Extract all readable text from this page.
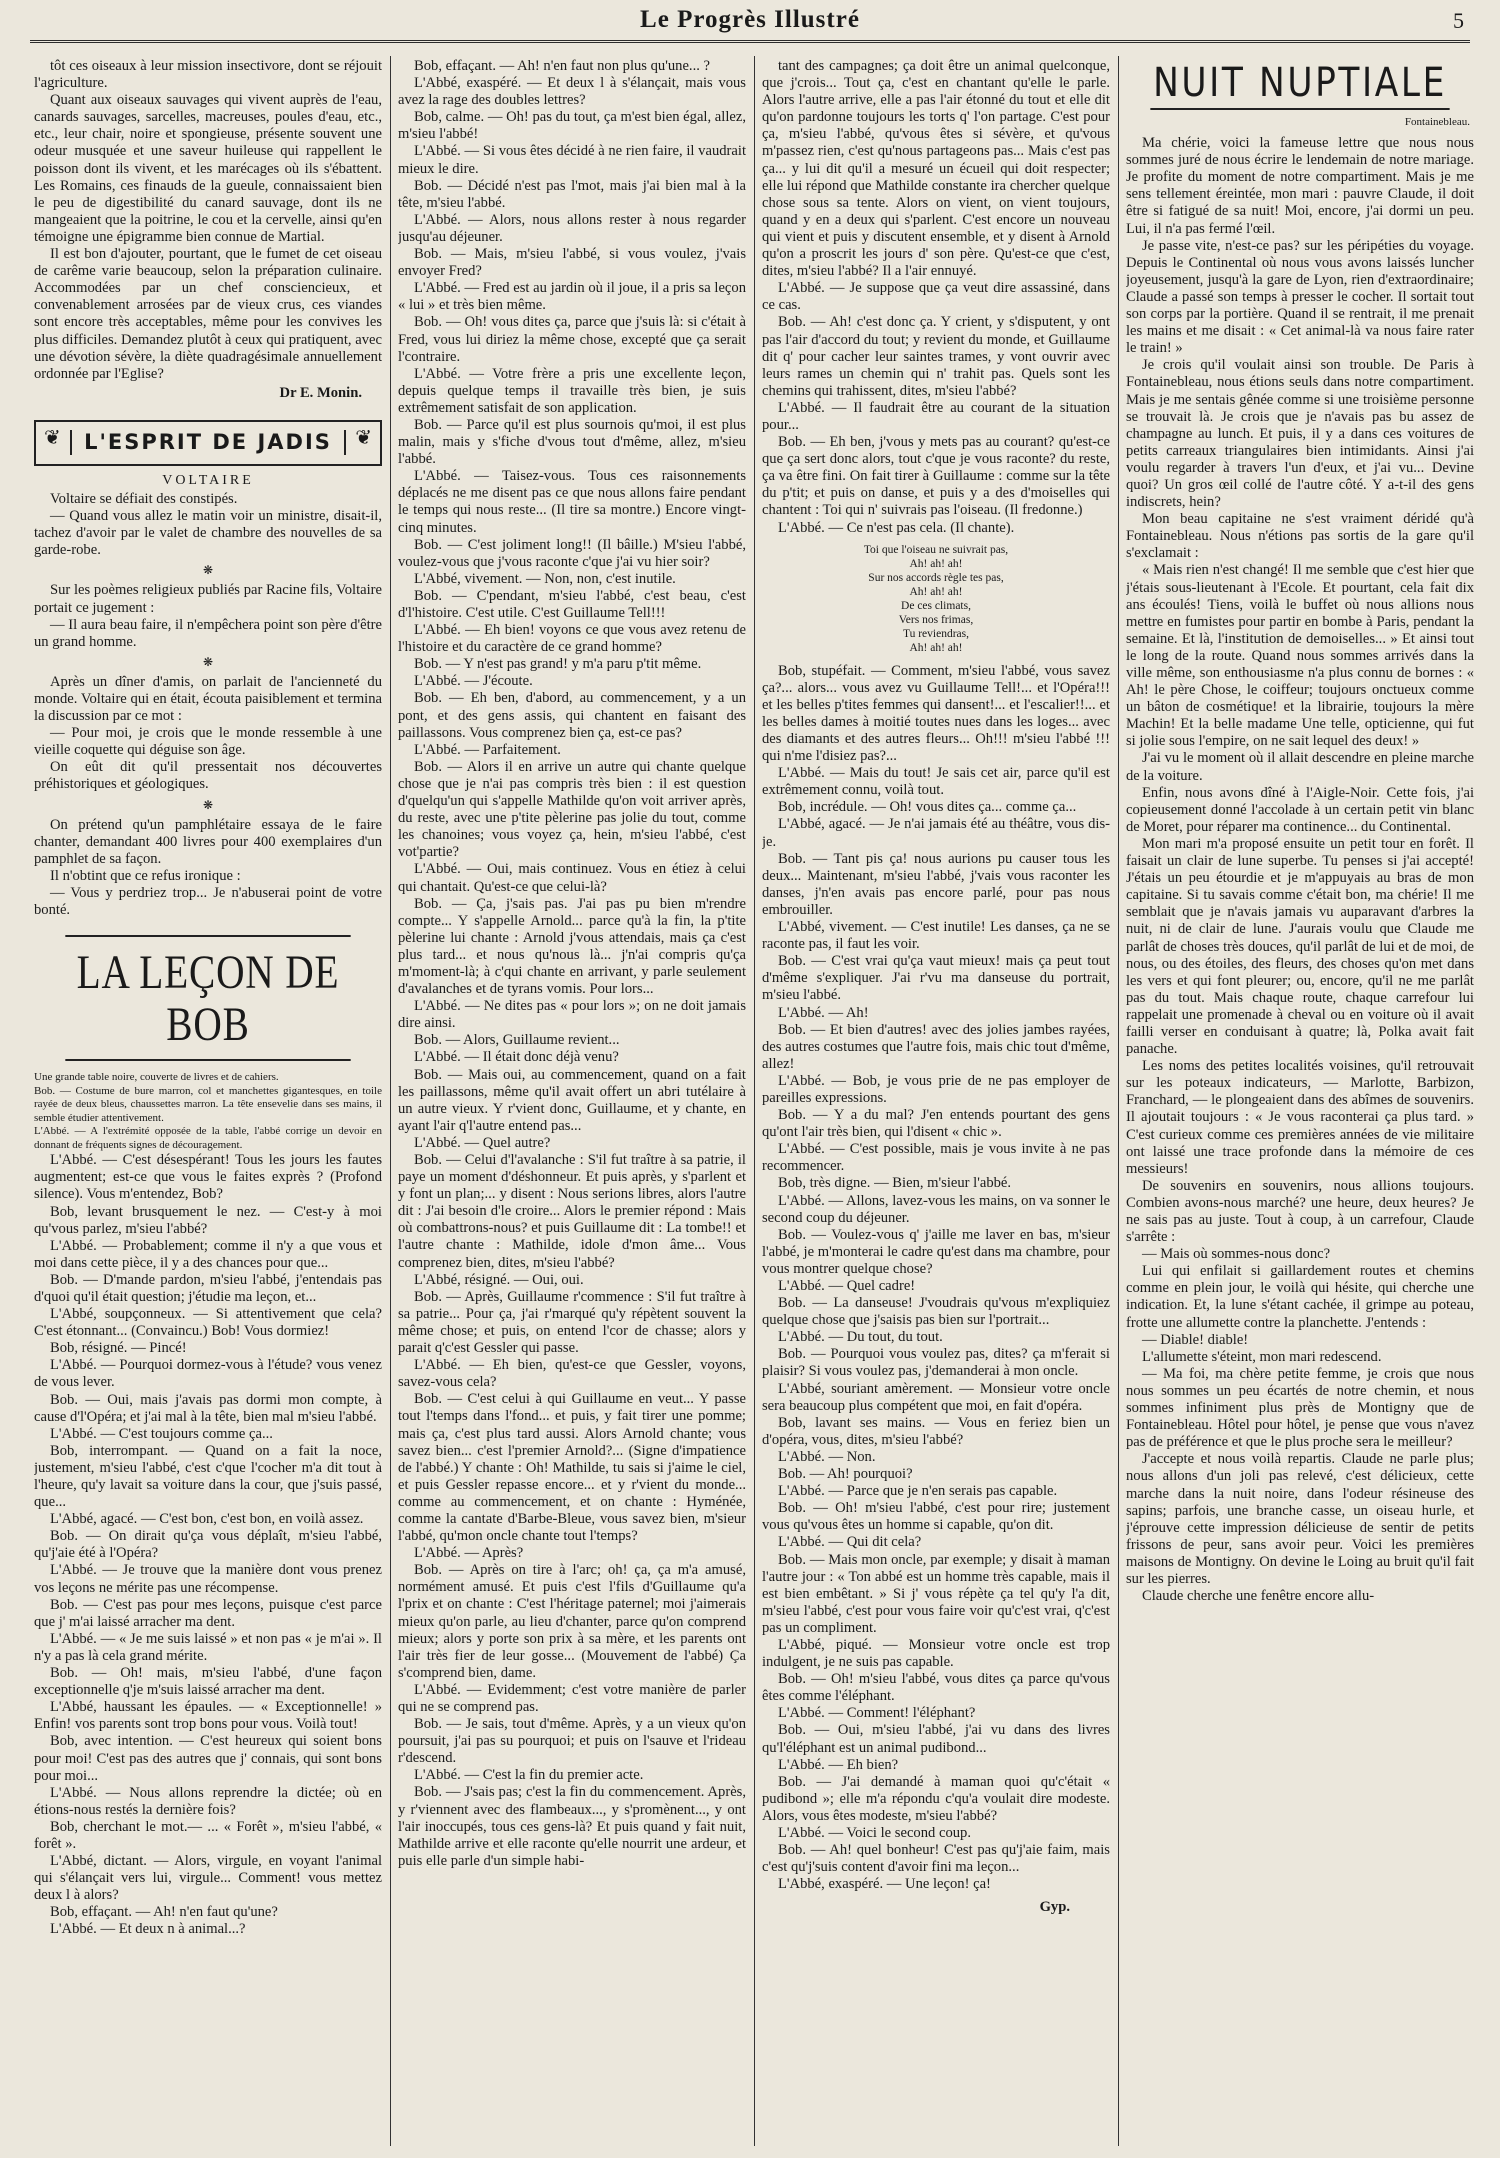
Le Progrès Illustré	5

tôt ces oiseaux à leur mission insectivore, dont se réjouit l'agriculture.

Quant aux oiseaux sauvages qui vivent auprès de l'eau, canards sauvages, sarcelles, macreuses, poules d'eau, etc., etc., leur chair, noire et spongieuse, présente souvent une odeur musquée et une saveur huileuse qui rappellent le poisson dont ils vivent, et les marécages où ils s'ébattent. Les Romains, ces finauds de la gueule, connaissaient bien le peu de digestibilité du canard sauvage, dont ils ne mangeaient que la poitrine, le cou et la cervelle, ainsi qu'en témoigne une épigramme bien connue de Martial.

Il est bon d'ajouter, pourtant, que le fumet de cet oiseau de carême varie beaucoup, selon la préparation culinaire. Accommodées par un chef consciencieux, et convenablement arrosées par de vieux crus, ces viandes sont encore très acceptables, même pour les convives les plus difficiles. Demandez plutôt à ceux qui pratiquent, avec une dévotion sévère, la diète quadragésimale annuellement ordonnée par l'Eglise?

Dr E. Monin.
❦	L'ESPRIT DE JADIS	❦
VOLTAIRE

Voltaire se défiait des constipés.

— Quand vous allez le matin voir un ministre, disait-il, tachez d'avoir par le valet de chambre des nouvelles de sa garde-robe.

❋

Sur les poèmes religieux publiés par Racine fils, Voltaire portait ce jugement :

— Il aura beau faire, il n'empêchera point son père d'être un grand homme.

❋

Après un dîner d'amis, on parlait de l'ancienneté du monde. Voltaire qui en était, écouta paisiblement et termina la discussion par ce mot :

— Pour moi, je crois que le monde ressemble à une vieille coquette qui déguise son âge.

On eût dit qu'il pressentait nos découvertes préhistoriques et géologiques.

❋

On prétend qu'un pamphlétaire essaya de le faire chanter, demandant 400 livres pour 400 exemplaires d'un pamphlet de sa façon.

Il n'obtint que ce refus ironique :

— Vous y perdriez trop... Je n'abuserai point de votre bonté.

LA LEÇON DE BOB

Une grande table noire, couverte de livres et de cahiers.

Bob. — Costume de bure marron, col et manchettes gigantesques, en toile rayée de deux bleus, chaussettes marron. La tête ensevelie dans ses mains, il semble étudier attentivement.

L'Abbé. — A l'extrémité opposée de la table, l'abbé corrige un devoir en donnant de fréquents signes de découragement.

L'Abbé. — C'est désespérant! Tous les jours les fautes augmentent; est-ce que vous le faites exprès ? (Profond silence). Vous m'entendez, Bob?

Bob, levant brusquement le nez. — C'est-y à moi qu'vous parlez, m'sieu l'abbé?

L'Abbé. — Probablement; comme il n'y a que vous et moi dans cette pièce, il y a des chances pour que...

Bob. — D'mande pardon, m'sieu l'abbé, j'entendais pas d'quoi qu'il était question; j'étudie ma leçon, et...

L'Abbé, soupçonneux. — Si attentivement que cela? C'est étonnant... (Convaincu.) Bob! Vous dormiez!

Bob, résigné. — Pincé!

L'Abbé. — Pourquoi dormez-vous à l'étude? vous venez de vous lever.

Bob. — Oui, mais j'avais pas dormi mon compte, à cause d'l'Opéra; et j'ai mal à la tête, bien mal m'sieu l'abbé.

L'Abbé. — C'est toujours comme ça...

Bob, interrompant. — Quand on a fait la noce, justement, m'sieu l'abbé, c'est c'que l'cocher m'a dit tout à l'heure, qu'y lavait sa voiture dans la cour, que j'suis passé, que...

L'Abbé, agacé. — C'est bon, c'est bon, en voilà assez.

Bob. — On dirait qu'ça vous déplaît, m'sieu l'abbé, qu'j'aie été à l'Opéra?

L'Abbé. — Je trouve que la manière dont vous prenez vos leçons ne mérite pas une récompense.

Bob. — C'est pas pour mes leçons, puisque c'est parce que j' m'ai laissé arracher ma dent.

L'Abbé. — « Je me suis laissé » et non pas « je m'ai ». Il n'y a pas là cela grand mérite.

Bob. — Oh! mais, m'sieu l'abbé, d'une façon exceptionnelle q'je m'suis laissé arracher ma dent.

L'Abbé, haussant les épaules. — « Exceptionnelle! » Enfin! vos parents sont trop bons pour vous. Voilà tout!

Bob, avec intention. — C'est heureux qui soient bons pour moi! C'est pas des autres que j' connais, qui sont bons pour moi...

L'Abbé. — Nous allons reprendre la dictée; où en étions-nous restés la dernière fois?

Bob, cherchant le mot.— ... « Forêt », m'sieu l'abbé, « forêt ».

L'Abbé, dictant. — Alors, virgule, en voyant l'animal qui s'élançait vers lui, virgule... Comment! vous mettez deux l à alors?

Bob, effaçant. — Ah! n'en faut qu'une?

L'Abbé. — Et deux n à animal...?

Bob, effaçant. — Ah! n'en faut non plus qu'une... ?

L'Abbé, exaspéré. — Et deux l à s'élançait, mais vous avez la rage des doubles lettres?

Bob, calme. — Oh! pas du tout, ça m'est bien égal, allez, m'sieu l'abbé!

L'Abbé. — Si vous êtes décidé à ne rien faire, il vaudrait mieux le dire.

Bob. — Décidé n'est pas l'mot, mais j'ai bien mal à la tête, m'sieu l'abbé.

L'Abbé. — Alors, nous allons rester à nous regarder jusqu'au déjeuner.

Bob. — Mais, m'sieu l'abbé, si vous voulez, j'vais envoyer Fred?

L'Abbé. — Fred est au jardin où il joue, il a pris sa leçon « lui » et très bien même.

Bob. — Oh! vous dites ça, parce que j'suis là: si c'était à Fred, vous lui diriez la même chose, excepté que ça serait l'contraire.

L'Abbé. — Votre frère a pris une excellente leçon, depuis quelque temps il travaille très bien, je suis extrêmement satisfait de son application.

Bob. — Parce qu'il est plus sournois qu'moi, il est plus malin, mais y s'fiche d'vous tout d'même, allez, m'sieu l'abbé.

L'Abbé. — Taisez-vous. Tous ces raisonnements déplacés ne me disent pas ce que nous allons faire pendant le temps qui nous reste... (Il tire sa montre.) Encore vingt-cinq minutes.

Bob. — C'est joliment long!! (Il bâille.) M'sieu l'abbé, voulez-vous que j'vous raconte c'que j'ai vu hier soir?

L'Abbé, vivement. — Non, non, c'est inutile.

Bob. — C'pendant, m'sieu l'abbé, c'est beau, c'est d'l'histoire. C'est utile. C'est Guillaume Tell!!!

L'Abbé. — Eh bien! voyons ce que vous avez retenu de l'histoire et du caractère de ce grand homme?

Bob. — Y n'est pas grand! y m'a paru p'tit même.

L'Abbé. — J'écoute.

Bob. — Eh ben, d'abord, au commencement, y a un pont, et des gens assis, qui chantent en faisant des paillassons. Vous comprenez bien ça, est-ce pas?

L'Abbé. — Parfaitement.

Bob. — Alors il en arrive un autre qui chante quelque chose que je n'ai pas compris très bien : il est question d'quelqu'un qui s'appelle Mathilde qu'on voit arriver après, du reste, avec une p'tite pèlerine pas jolie du tout, comme les chanoines; vous voyez ça, hein, m'sieu l'abbé, c'est vot'partie?

L'Abbé. — Oui, mais continuez. Vous en étiez à celui qui chantait. Qu'est-ce que celui-là?

Bob. — Ça, j'sais pas. J'ai pas pu bien m'rendre compte... Y s'appelle Arnold... parce qu'à la fin, la p'tite pèlerine lui chante : Arnold j'vous attendais, mais ça c'est plus tard... et nous qu'nous là... j'n'ai compris qu'ça m'moment-là; à c'qui chante en arrivant, y parle seulement d'avalanches et de tyrans vomis. Pour lors...

L'Abbé. — Ne dites pas « pour lors »; on ne doit jamais dire ainsi.

Bob. — Alors, Guillaume revient...

L'Abbé. — Il était donc déjà venu?

Bob. — Mais oui, au commencement, quand on a fait les paillassons, même qu'il avait offert un abri tutélaire à un autre vieux. Y r'vient donc, Guillaume, et y chante, en ayant l'air q'l'autre entend pas...

L'Abbé. — Quel autre?

Bob. — Celui d'l'avalanche : S'il fut traître à sa patrie, il paye un moment d'déshonneur. Et puis après, y s'parlent et y font un plan;... y disent : Nous serions libres, alors l'autre dit : J'ai besoin d'le croire... Alors le premier répond : Mais où combattrons-nous? et puis Guillaume dit : La tombe!! et l'autre chante : Mathilde, idole d'mon âme... Vous comprenez bien, dites, m'sieu l'abbé?

L'Abbé, résigné. — Oui, oui.

Bob. — Après, Guillaume r'commence : S'il fut traître à sa patrie... Pour ça, j'ai r'marqué qu'y répètent souvent la même chose; et puis, on entend l'cor de chasse; alors y parait q'c'est Gessler qui passe.

L'Abbé. — Eh bien, qu'est-ce que Gessler, voyons, savez-vous cela?

Bob. — C'est celui à qui Guillaume en veut... Y passe tout l'temps dans l'fond... et puis, y fait tirer une pomme; mais ça, c'est plus tard aussi. Alors Arnold chante; vous savez bien... c'est l'premier Arnold?... (Signe d'impatience de l'abbé.) Y chante : Oh! Mathilde, tu sais si j'aime le ciel, et puis Gessler repasse encore... et y r'vient du monde... comme au commencement, et on chante : Hyménée, comme la cantate d'Barbe-Bleue, vous savez bien, m'sieur l'abbé, qu'mon oncle chante tout l'temps?

L'Abbé. — Après?

Bob. — Après on tire à l'arc; oh! ça, ça m'a amusé, normément amusé. Et puis c'est l'fils d'Guillaume qu'a l'prix et on chante : C'est l'héritage paternel; moi j'aimerais mieux qu'on parle, au lieu d'chanter, parce qu'on comprend mieux; alors y porte son prix à sa mère, et les parents ont l'air très fier de leur gosse... (Mouvement de l'abbé) Ça s'comprend bien, dame.

L'Abbé. — Evidemment; c'est votre manière de parler qui ne se comprend pas.

Bob. — Je sais, tout d'même. Après, y a un vieux qu'on poursuit, j'ai pas su pourquoi; et puis on l'sauve et l'rideau r'descend.

L'Abbé. — C'est la fin du premier acte.

Bob. — J'sais pas; c'est la fin du commencement. Après, y r'viennent avec des flambeaux..., y s'promènent..., y ont l'air inoccupés, tous ces gens-là? Et puis quand y fait nuit, Mathilde arrive et elle raconte qu'elle nourrit une ardeur, et puis elle parle d'un simple habi-

tant des campagnes; ça doit être un animal quelconque, que j'crois... Tout ça, c'est en chantant qu'elle le parle. Alors l'autre arrive, elle a pas l'air étonné du tout et elle dit qu'on pardonne toujours les torts q' l'on partage. C'est pour ça, m'sieu l'abbé, qu'vous êtes si sévère, et qu'vous m'passez rien, c'est qu'nous partageons pas... Mais c'est pas ça... y lui dit qu'il a mesuré un écueil qui doit respecter; elle lui répond que Mathilde constante ira chercher quelque chose sous sa tente. Alors on vient, on vient toujours, quand y en a deux qui s'parlent. C'est encore un nouveau qui vient et puis y discutent ensemble, et y disent à Arnold qu'on a proscrit les jours d' son père. Qu'est-ce que c'est, dites, m'sieu l'abbé? Il a l'air ennuyé.

L'Abbé. — Je suppose que ça veut dire assassiné, dans ce cas.

Bob. — Ah! c'est donc ça. Y crient, y s'disputent, y ont pas l'air d'accord du tout; y revient du monde, et Guillaume dit q' pour cacher leur saintes trames, y vont ouvrir avec leurs rames un chemin qui n' trahit pas. Quels sont les chemins qui trahissent, dites, m'sieu l'abbé?

L'Abbé. — Il faudrait être au courant de la situation pour...

Bob. — Eh ben, j'vous y mets pas au courant? qu'est-ce que ça sert donc alors, tout c'que je vous raconte? du reste, ça va être fini. On fait tirer à Guillaume : comme sur la tête du p'tit; et puis on danse, et puis y a des d'moiselles qui chantent : Toi qui n' suivrais pas l'oiseau. (Il fredonne.)

L'Abbé. — Ce n'est pas cela. (Il chante).

Toi que l'oiseau ne suivrait pas,

Ah! ah! ah!

Sur nos accords règle tes pas,

Ah! ah! ah!

De ces climats,

Vers nos frimas,

Tu reviendras,

Ah! ah! ah!

Bob, stupéfait. — Comment, m'sieu l'abbé, vous savez ça?... alors... vous avez vu Guillaume Tell!... et l'Opéra!!! et les belles p'tites femmes qui dansent!... et l'escalier!!... et les belles dames à moitié toutes nues dans les loges... avec des diamants et des autres fleurs... Oh!!! m'sieu l'abbé !!! qui n'me l'disiez pas?...

L'Abbé. — Mais du tout! Je sais cet air, parce qu'il est extrêmement connu, voilà tout.

Bob, incrédule. — Oh! vous dites ça... comme ça...

L'Abbé, agacé. — Je n'ai jamais été au théâtre, vous dis-je.

Bob. — Tant pis ça! nous aurions pu causer tous les deux... Maintenant, m'sieu l'abbé, j'vais vous raconter les danses, j'n'en avais pas encore parlé, pour pas nous embrouiller.

L'Abbé, vivement. — C'est inutile! Les danses, ça ne se raconte pas, il faut les voir.

Bob. — C'est vrai qu'ça vaut mieux! mais ça peut tout d'même s'expliquer. J'ai r'vu ma danseuse du portrait, m'sieu l'abbé.

L'Abbé. — Ah!

Bob. — Et bien d'autres! avec des jolies jambes rayées, des autres costumes que l'autre fois, mais chic tout d'même, allez!

L'Abbé. — Bob, je vous prie de ne pas employer de pareilles expressions.

Bob. — Y a du mal? J'en entends pourtant des gens qu'ont l'air très bien, qui l'disent « chic ».

L'Abbé. — C'est possible, mais je vous invite à ne pas recommencer.

Bob, très digne. — Bien, m'sieur l'abbé.

L'Abbé. — Allons, lavez-vous les mains, on va sonner le second coup du déjeuner.

Bob. — Voulez-vous q' j'aille me laver en bas, m'sieur l'abbé, je m'monterai le cadre qu'est dans ma chambre, pour vous montrer quelque chose?

L'Abbé. — Quel cadre!

Bob. — La danseuse! J'voudrais qu'vous m'expliquiez quelque chose que j'saisis pas bien sur l'portrait...

L'Abbé. — Du tout, du tout.

Bob. — Pourquoi vous voulez pas, dites? ça m'ferait si plaisir? Si vous voulez pas, j'demanderai à mon oncle.

L'Abbé, souriant amèrement. — Monsieur votre oncle sera beaucoup plus compétent que moi, en fait d'opéra.

Bob, lavant ses mains. — Vous en feriez bien un d'opéra, vous, dites, m'sieu l'abbé?

L'Abbé. — Non.

Bob. — Ah! pourquoi?

L'Abbé. — Parce que je n'en serais pas capable.

Bob. — Oh! m'sieu l'abbé, c'est pour rire; justement vous qu'vous êtes un homme si capable, qu'on dit.

L'Abbé. — Qui dit cela?

Bob. — Mais mon oncle, par exemple; y disait à maman l'autre jour : « Ton abbé est un homme très capable, mais il est bien embêtant. » Si j' vous répète ça tel qu'y l'a dit, m'sieu l'abbé, c'est pour vous faire voir qu'c'est vrai, q'c'est pas un compliment.

L'Abbé, piqué. — Monsieur votre oncle est trop indulgent, je ne suis pas capable.

Bob. — Oh! m'sieu l'abbé, vous dites ça parce qu'vous êtes comme l'éléphant.

L'Abbé. — Comment! l'éléphant?

Bob. — Oui, m'sieu l'abbé, j'ai vu dans des livres qu'l'éléphant est un animal pudibond...

L'Abbé. — Eh bien?

Bob. — J'ai demandé à maman quoi qu'c'était « pudibond »; elle m'a répondu c'qu'a voulait dire modeste. Alors, vous êtes modeste, m'sieu l'abbé?

L'Abbé. — Voici le second coup.

Bob. — Ah! quel bonheur! C'est pas qu'j'aie faim, mais c'est qu'j'suis content d'avoir fini ma leçon...

L'Abbé, exaspéré. — Une leçon! ça!

Gyp.
NUIT NUPTIALE
Fontainebleau.

Ma chérie, voici la fameuse lettre que nous nous sommes juré de nous écrire le lendemain de notre mariage. Je profite du moment de notre compartiment. Mais je me sens tellement éreintée, mon mari : pauvre Claude, il doit être si fatigué de sa nuit! Moi, encore, j'ai dormi un peu. Lui, il n'a pas fermé l'œil.

Je passe vite, n'est-ce pas? sur les péripéties du voyage. Depuis le Continental où nous vous avons laissés luncher joyeusement, jusqu'à la gare de Lyon, rien d'extraordinaire; Claude a passé son temps à presser le cocher. Il sortait tout son corps par la portière. Quand il se rentrait, il me prenait les mains et me disait : « Cet animal-là va nous faire rater le train! »

Je crois qu'il voulait ainsi son trouble. De Paris à Fontainebleau, nous étions seuls dans notre compartiment. Mais je me sentais gênée comme si une troisième personne se trouvait là. Je crois que je n'avais pas bu assez de champagne au lunch. Et puis, il y a dans ces voitures de petits carreaux triangulaires bien intimidants. Ainsi j'ai voulu regarder à travers l'un d'eux, et j'ai vu... Devine quoi? Un gros œil collé de l'autre côté. Y a-t-il des gens indiscrets, hein?

Mon beau capitaine ne s'est vraiment déridé qu'à Fontainebleau. Nous n'étions pas sortis de la gare qu'il s'exclamait :

« Mais rien n'est changé! Il me semble que c'est hier que j'étais sous-lieutenant à l'Ecole. Et pourtant, cela fait dix ans écoulés! Tiens, voilà le buffet où nous allions nous mettre en fumistes pour partir en bombe à Paris, pendant la semaine. Et là, l'institution de demoiselles... » Et ainsi tout le long de la route. Quand nous sommes arrivés dans la ville même, son enthousiasme n'a plus connu de bornes : « Ah! le père Chose, le coiffeur; toujours onctueux comme un bâton de cosmétique! et la librairie, toujours la mère Machin! Et la belle madame Une telle, opticienne, qui fut si jolie sous l'empire, on ne sait lequel des deux! »

J'ai vu le moment où il allait descendre en pleine marche de la voiture.

Enfin, nous avons dîné à l'Aigle-Noir. Cette fois, j'ai copieusement donné l'accolade à un certain petit vin blanc de Moret, pour réparer ma continence... du Continental.

Mon mari m'a proposé ensuite un petit tour en forêt. Il faisait un clair de lune superbe. Tu penses si j'ai accepté! J'étais un peu étourdie et je m'appuyais au bras de mon capitaine. Si tu savais comme c'était bon, ma chérie! Il me semblait que je n'avais jamais vu auparavant d'arbres la nuit, ni de clair de lune. J'aurais voulu que Claude me parlât de choses très douces, qu'il parlât de lui et de moi, de nous, ou des étoiles, des fleurs, des choses qu'on met dans les vers et qui font pleurer; ou, encore, qu'il ne me parlât pas du tout. Mais chaque route, chaque carrefour lui rappelait une promenade à cheval ou en voiture où il avait failli verser en conduisant à quatre; là, Polka avait fait panache.

Les noms des petites localités voisines, qu'il retrouvait sur les poteaux indicateurs, — Marlotte, Barbizon, Franchard, — le plongeaient dans des abîmes de souvenirs. Il ajoutait toujours : « Je vous raconterai ça plus tard. » C'est curieux comme ces premières années de vie militaire ont laissé une trace profonde dans la mémoire de ces messieurs!

De souvenirs en souvenirs, nous allions toujours. Combien avons-nous marché? une heure, deux heures? Je ne sais pas au juste. Tout à coup, à un carrefour, Claude s'arrête :

— Mais où sommes-nous donc?

Lui qui enfilait si gaillardement routes et chemins comme en plein jour, le voilà qui hésite, qui cherche une indication. Et, la lune s'étant cachée, il grimpe au poteau, frotte une allumette contre la planchette. J'entends :

— Diable! diable!

L'allumette s'éteint, mon mari redescend.

— Ma foi, ma chère petite femme, je crois que nous nous sommes un peu écartés de notre chemin, et nous sommes infiniment plus près de Montigny que de Fontainebleau. Hôtel pour hôtel, je pense que vous n'avez pas de préférence et que le plus proche sera le meilleur?

J'accepte et nous voilà repartis. Claude ne parle plus; nous allons d'un joli pas relevé, c'est délicieux, cette marche dans la nuit noire, dans l'odeur résineuse des sapins; parfois, une branche casse, un oiseau hurle, et j'éprouve cette impression délicieuse de sentir de petits frissons de peur, sans avoir peur. Voici les premières maisons de Montigny. On devine le Loing au bruit qu'il fait sur les pierres.

Claude cherche une fenêtre encore allu-
